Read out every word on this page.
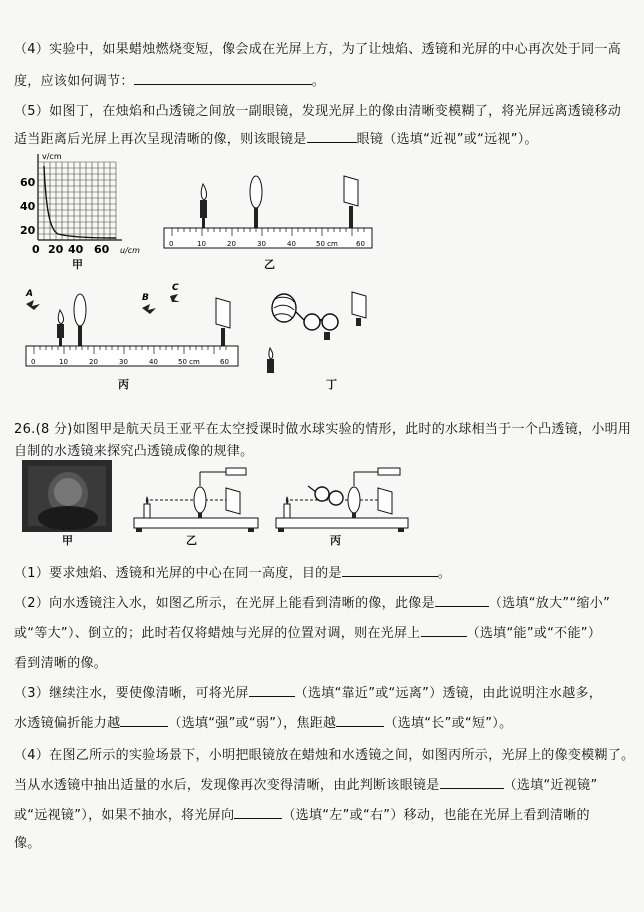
（4）实验中，如果蜡烛燃烧变短，像会成在光屏上方，为了让烛焰、透镜和光屏的中心再次处于同一高
度，应该如何调节：	。
（5）如图丁，在烛焰和凸透镜之间放一副眼镜，发现光屏上的像由清晰变模糊了，将光屏远离透镜移动
适当距离后光屏上再次呈现清晰的像，则该眼镜是	眼镜（选填“近视”或“远视”）。
v/cm
60
40
20
0 20 40 60 u/cm
甲
0	10	20	30	40	50 cm	60
乙
A	B
C
0	10	20	30	40	50 cm	60
丙	丁
26.(8 分)如图甲是航天员王亚平在太空授课时做水球实验的情形，此时的水球相当于一个凸透镜，小明用
自制的水透镜来探究凸透镜成像的规律。
甲	乙	丙
（1）要求烛焰、透镜和光屏的中心在同一高度，目的是	。
（2）向水透镜注入水，如图乙所示，在光屏上能看到清晰的像，此像是	（选填“放大”“缩小”
或“等大”）、倒立的；此时若仅将蜡烛与光屏的位置对调，则在光屏上	（选填“能”或“不能”）
看到清晰的像。
（3）继续注水，要使像清晰，可将光屏	（选填“靠近”或“远离”）透镜，由此说明注水越多，
水透镜偏折能力越	（选填“强”或“弱”），焦距越	（选填“长”或“短”）。
（4）在图乙所示的实验场景下，小明把眼镜放在蜡烛和水透镜之间，如图丙所示，光屏上的像变模糊了。
当从水透镜中抽出适量的水后，发现像再次变得清晰，由此判断该眼镜是	（选填“近视镜”
或“远视镜”），如果不抽水，将光屏向	（选填“左”或“右”）移动，也能在光屏上看到清晰的
像。
